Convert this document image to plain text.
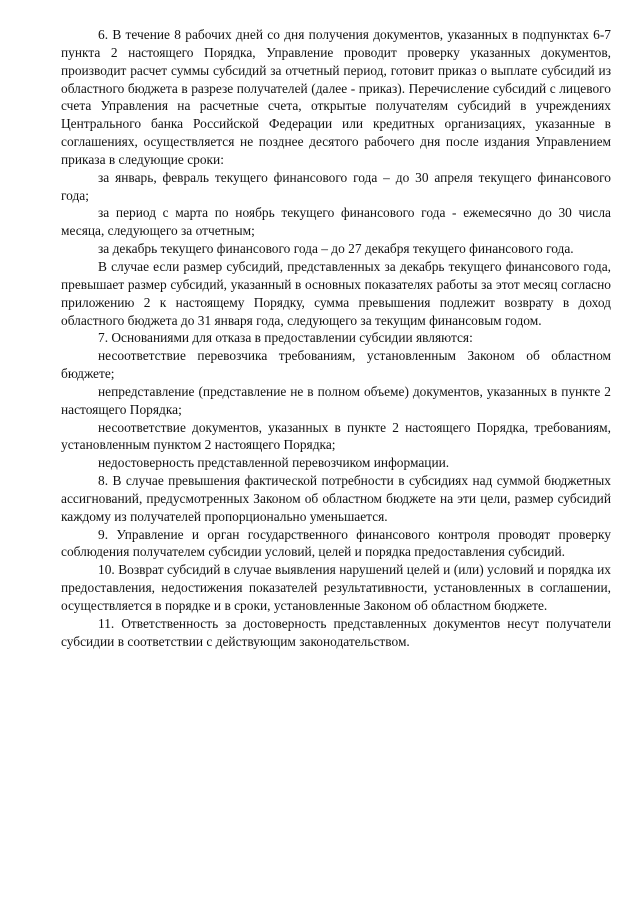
6. В течение 8 рабочих дней со дня получения документов, указанных в подпунктах 6-7 пункта 2 настоящего Порядка, Управление проводит проверку указанных документов, производит расчет суммы субсидий за отчетный период, готовит приказ о выплате субсидий из областного бюджета в разрезе получателей (далее - приказ). Перечисление субсидий с лицевого счета Управления на расчетные счета, открытые получателям субсидий в учреждениях Центрального банка Российской Федерации или кредитных организациях, указанные в соглашениях, осуществляется не позднее десятого рабочего дня после издания Управлением приказа в следующие сроки:

за январь, февраль текущего финансового года – до 30 апреля текущего финансового года;

за период с марта по ноябрь текущего финансового года - ежемесячно до 30 числа месяца, следующего за отчетным;

за декабрь текущего финансового года – до 27 декабря текущего финансового года.

В случае если размер субсидий, представленных за декабрь текущего финансового года, превышает размер субсидий, указанный в основных показателях работы за этот месяц согласно приложению 2 к настоящему Порядку, сумма превышения подлежит возврату в доход областного бюджета до 31 января года, следующего за текущим финансовым годом.

7. Основаниями для отказа в предоставлении субсидии являются:

несоответствие перевозчика требованиям, установленным Законом об областном бюджете;

непредставление (представление не в полном объеме) документов, указанных в пункте 2 настоящего Порядка;

несоответствие документов, указанных в пункте 2 настоящего Порядка, требованиям, установленным пунктом 2 настоящего Порядка;

недостоверность представленной перевозчиком информации.

8. В случае превышения фактической потребности в субсидиях над суммой бюджетных ассигнований, предусмотренных Законом об областном бюджете на эти цели, размер субсидий каждому из получателей пропорционально уменьшается.

9. Управление и орган государственного финансового контроля проводят проверку соблюдения получателем субсидии условий, целей и порядка предоставления субсидий.

10. Возврат субсидий в случае выявления нарушений целей и (или) условий и порядка их предоставления, недостижения показателей результативности, установленных в соглашении, осуществляется в порядке и в сроки, установленные Законом об областном бюджете.

11. Ответственность за достоверность представленных документов несут получатели субсидии в соответствии с действующим законодательством.
